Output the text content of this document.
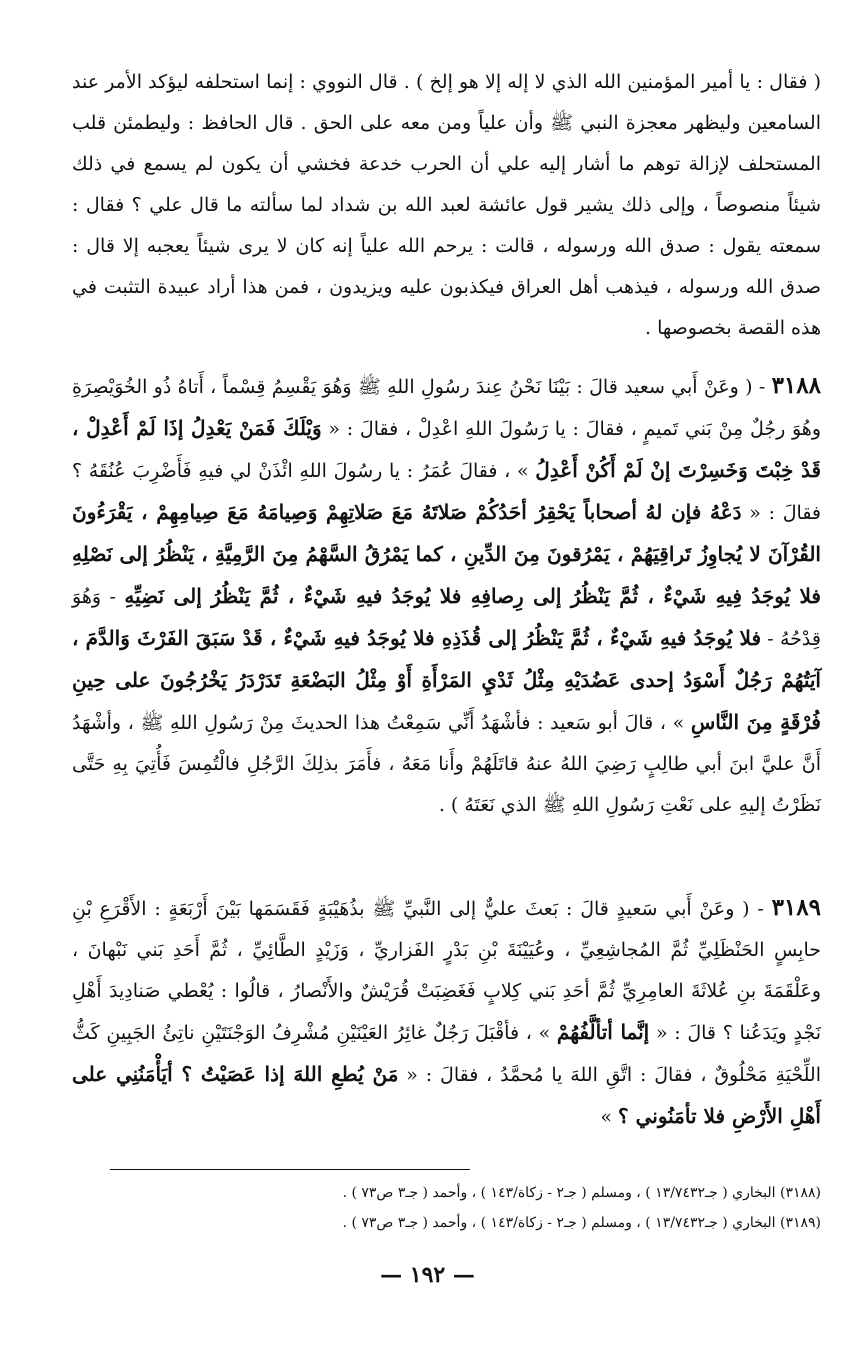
( فقال : يا أمير المؤمنين الله الذي لا إله إلا هو إلخ ) . قال النووي : إنما استحلفه ليؤكد الأمر عند السامعين وليظهر معجزة النبي ﷺ وأن علياً ومن معه على الحق . قال الحافظ : وليطمئن قلب المستحلف لإزالة توهم ما أشار إليه علي أن الحرب خدعة فخشي أن يكون لم يسمع في ذلك شيئاً منصوصاً ، وإلى ذلك يشير قول عائشة لعبد الله بن شداد لما سألته ما قال علي ؟ فقال : سمعته يقول : صدق الله ورسوله ، قالت : يرحم الله علياً إنه كان لا يرى شيئاً يعجبه إلا قال : صدق الله ورسوله ، فيذهب أهل العراق فيكذبون عليه ويزيدون ، فمن هذا أراد عبيدة التثبت في هذه القصة بخصوصها .

٣١٨٨ - ( وعَنْ أَبي سعيد قالَ : بَيْنَا نَحْنُ عِندَ رسُولِ اللهِ ﷺ وَهُوَ يَقْسِمُ قِسْماً ، أَتاهُ ذُو الخُوَيْصِرَةِ وهُوَ رجُلٌ مِنْ بَني تَميمٍ ، فقالَ : يا رَسُولَ اللهِ اعْدِلْ ، فقالَ : « وَيْلَكَ فَمَنْ يَعْدِلُ إذَا لَمْ أَعْدِلْ ، قَدْ خِبْتَ وَخَسِرْتَ إنْ لَمْ أَكُنْ أَعْدِلُ » ، فقالَ عُمَرُ : يا رسُولَ اللهِ ائْذَنْ لي فيهِ فَأَضْرِبَ عُنُقَهُ ؟ فقالَ : « دَعْهُ فإن لهُ أصحاباً يَحْقِرُ أحَدُكُمْ صَلاتَهُ مَعَ صَلاتِهِمْ وَصِيامَهُ مَعَ صِيامِهِمْ ، يَقْرَءُونَ القُرْآنَ لا يُجاوِزُ تَراقِيَهُمْ ، يَمْرُقونَ مِنَ الدِّينِ ، كما يَمْرُقُ السَّهْمُ مِنَ الرَّمِيَّةِ ، يَنْظُرُ إلى نَصْلِهِ فلا يُوجَدُ فِيهِ شَيْءٌ ، ثُمَّ يَنْظُرُ إلى رِصافِهِ فلا يُوجَدُ فيهِ شَيْءٌ ، ثُمَّ يَنْظُرُ إلى نَضِيِّهِ - وَهُوَ قِدْحُهُ - فلا يُوجَدُ فيهِ شَيْءٌ ، ثُمَّ يَنْظُرُ إلى قُذَذِهِ فلا يُوجَدُ فيهِ شَيْءٌ ، قَدْ سَبَقَ الفَرْثَ وَالدَّمَ ، آيَتُهُمْ رَجُلٌ أَسْوَدُ إحدى عَضُدَيْهِ مِثْلُ ثَدْيِ المَرْأَةِ أَوْ مِثْلُ البَضْعَةِ تَدَرْدَرُ يَخْرُجُونَ على حِينِ فُرْقَةٍ مِنَ النَّاسِ » ، قالَ أبو سَعيد : فأشْهَدُ أَنِّي سَمِعْتُ هذا الحديثَ مِنْ رَسُولِ اللهِ ﷺ ، وأشْهَدُ أَنَّ عليَّ ابنَ أبي طالِبٍ رَضِيَ اللهُ عنهُ قاتَلَهُمْ وأَنا مَعَهُ ، فأَمَرَ بذلِكَ الرَّجُلِ فالْتُمِسَ فَأُتِيَ بِهِ حَتَّى نَظَرْتُ إليهِ على نَعْتِ رَسُولِ اللهِ ﷺ الذي نَعَتَهُ ) .

٣١٨٩ - ( وعَنْ أَبي سَعيدٍ قالَ : بَعثَ عليٌّ إلى النَّبيِّ ﷺ بذُهَيْبَةٍ فَقَسَمَها بَيْنَ أَرْبَعَةٍ : الأَقْرَعِ بْنِ حابِسٍ الحَنْظَلِيِّ ثُمَّ المُجاشِعِيِّ ، وعُيَيْنَةَ بْنِ بَدْرٍ الفَزاريِّ ، وَزَيْدٍ الطَّائِيِّ ، ثُمَّ أَحَدِ بَني نَبْهانَ ، وعَلْقَمَةَ بنِ عُلاثَةَ العامِرِيِّ ثُمَّ أحَدِ بَني كِلابٍ فَغَضِبَتْ قُرَيْشٌ والأَنْصارُ ، قالُوا : يُعْطي صَنادِيدَ أَهْلِ نَجْدٍ ويَدَعُنا ؟ قالَ : « إنَّما أتألَّفُهُمْ » ، فأقْبَلَ رَجُلٌ غائِرُ العَيْنَيْنِ مُشْرِفُ الوَجْنَتَيْنِ ناتِئُ الجَبِينِ كَثُّ اللِّحْيَةِ مَحْلُوقٌ ، فقالَ : اتَّقِ اللهَ يا مُحمَّدُ ، فقالَ : « مَنْ يُطعِ اللهَ إذا عَصَيْتُ ؟ أيَأْمَنُنِي على أَهْلِ الأَرْضِ فلا تأمَنُوني ؟ »

(٣١٨٨) البخاري ( جـ١٣/٧٤٣٢ ) ، ومسلم ( جـ٢ - زكاة/١٤٣ ) ، وأحمد ( جـ٣ ص٧٣ ) .

(٣١٨٩) البخاري ( جـ١٣/٧٤٣٢ ) ، ومسلم ( جـ٢ - زكاة/١٤٣ ) ، وأحمد ( جـ٣ ص٧٣ ) .

— ١٩٢ —
